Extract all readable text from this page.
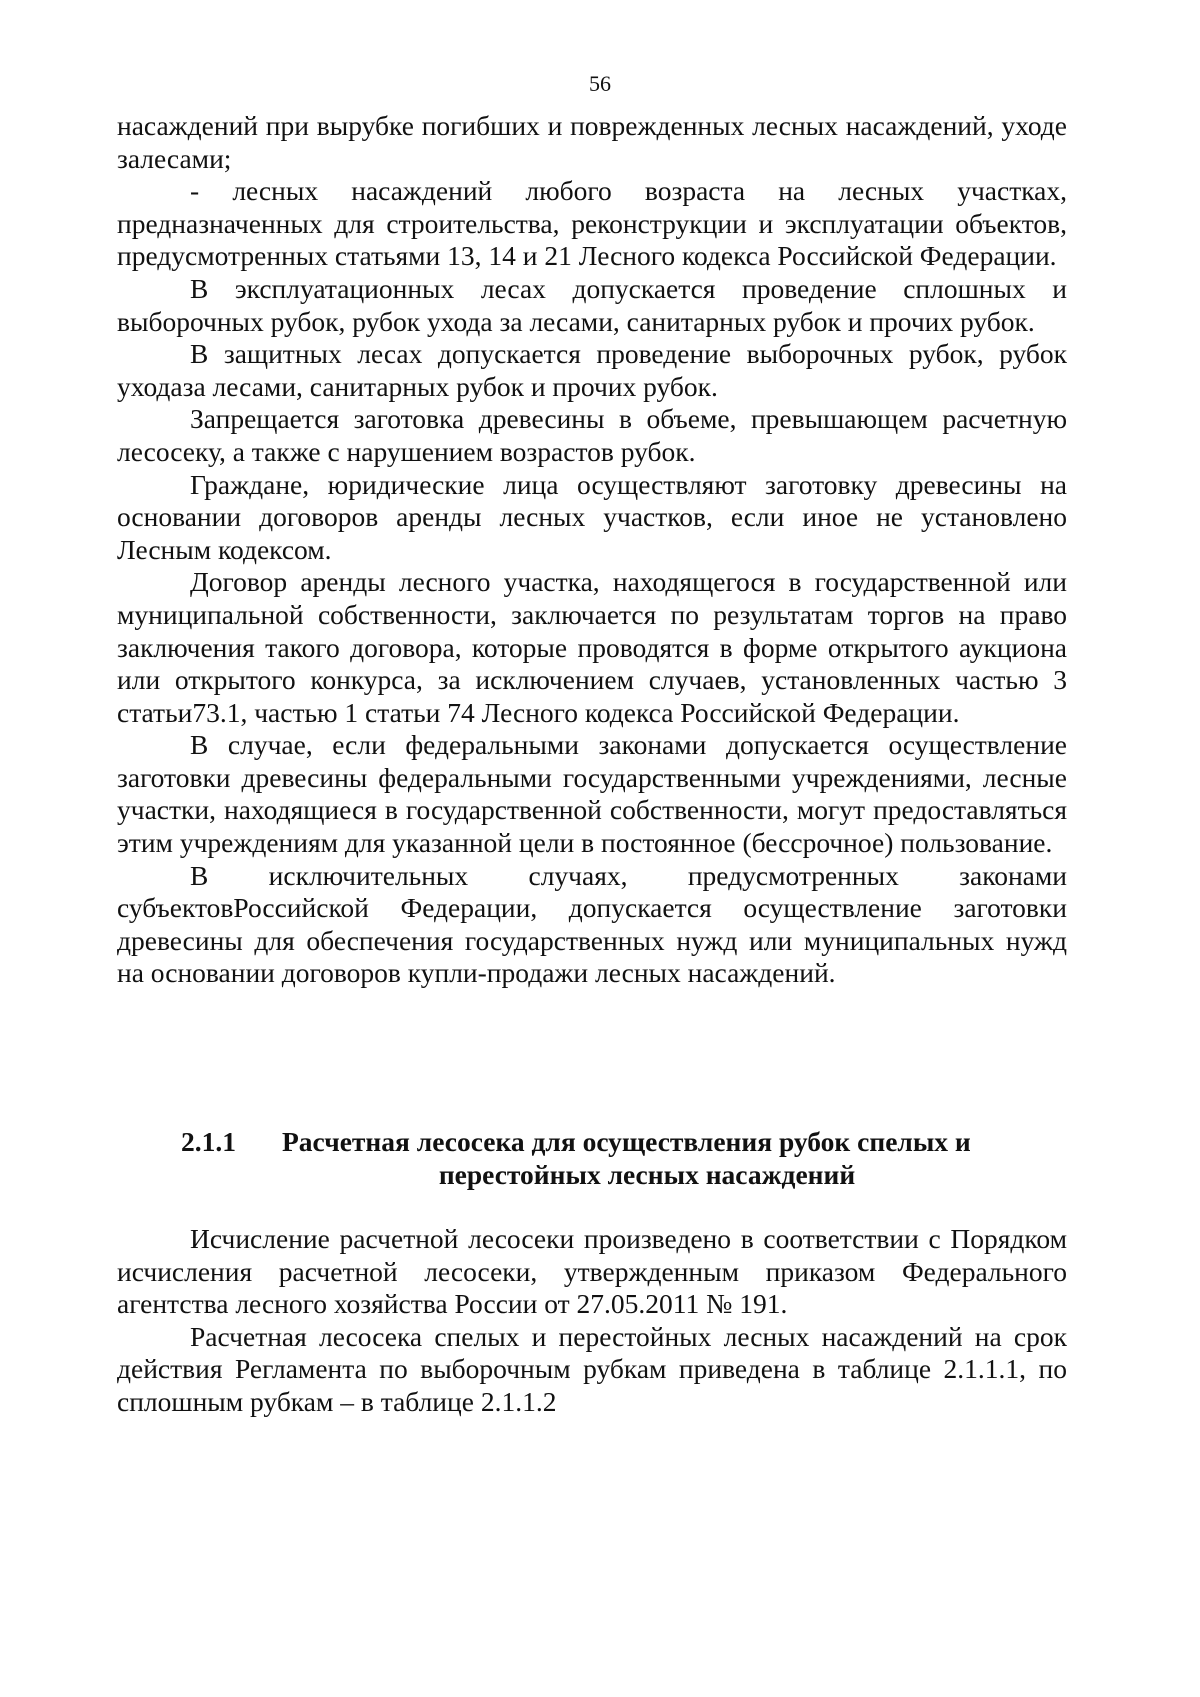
56

насаждений при вырубке погибших и поврежденных лесных насаждений, уходе залесами;

- лесных насаждений любого возраста на лесных участках, предназначенных для строительства, реконструкции и эксплуатации объектов, предусмотренных статьями 13, 14 и 21 Лесного кодекса Российской Федерации.

В эксплуатационных лесах допускается проведение сплошных и выборочных рубок, рубок ухода за лесами, санитарных рубок и прочих рубок.

В защитных лесах допускается проведение выборочных рубок, рубок уходаза лесами, санитарных рубок и прочих рубок.

Запрещается заготовка древесины в объеме, превышающем расчетную лесосеку, а также с нарушением возрастов рубок.

Граждане, юридические лица осуществляют заготовку древесины на основании договоров аренды лесных участков, если иное не установлено Лесным кодексом.

Договор аренды лесного участка, находящегося в государственной или муниципальной собственности, заключается по результатам торгов на право заключения такого договора, которые проводятся в форме открытого аукциона или открытого конкурса, за исключением случаев, установленных частью 3 статьи73.1, частью 1 статьи 74 Лесного кодекса Российской Федерации.

В случае, если федеральными законами допускается осуществление заготовки древесины федеральными государственными учреждениями, лесные участки, находящиеся в государственной собственности, могут предоставляться этим учреждениям для указанной цели в постоянное (бессрочное) пользование.

В исключительных случаях, предусмотренных законами субъектовРоссийской Федерации, допускается осуществление заготовки древесины для обеспечения государственных нужд или муниципальных нужд на основании договоров купли-продажи лесных насаждений.

2.1.1	Расчетная лесосека для осуществления рубок спелых и
перестойных лесных насаждений

Исчисление расчетной лесосеки произведено в соответствии с Порядком исчисления расчетной лесосеки, утвержденным приказом Федерального агентства лесного хозяйства России от 27.05.2011 № 191.

Расчетная лесосека спелых и перестойных лесных насаждений на срок действия Регламента по выборочным рубкам приведена в таблице 2.1.1.1, по сплошным рубкам – в таблице 2.1.1.2
